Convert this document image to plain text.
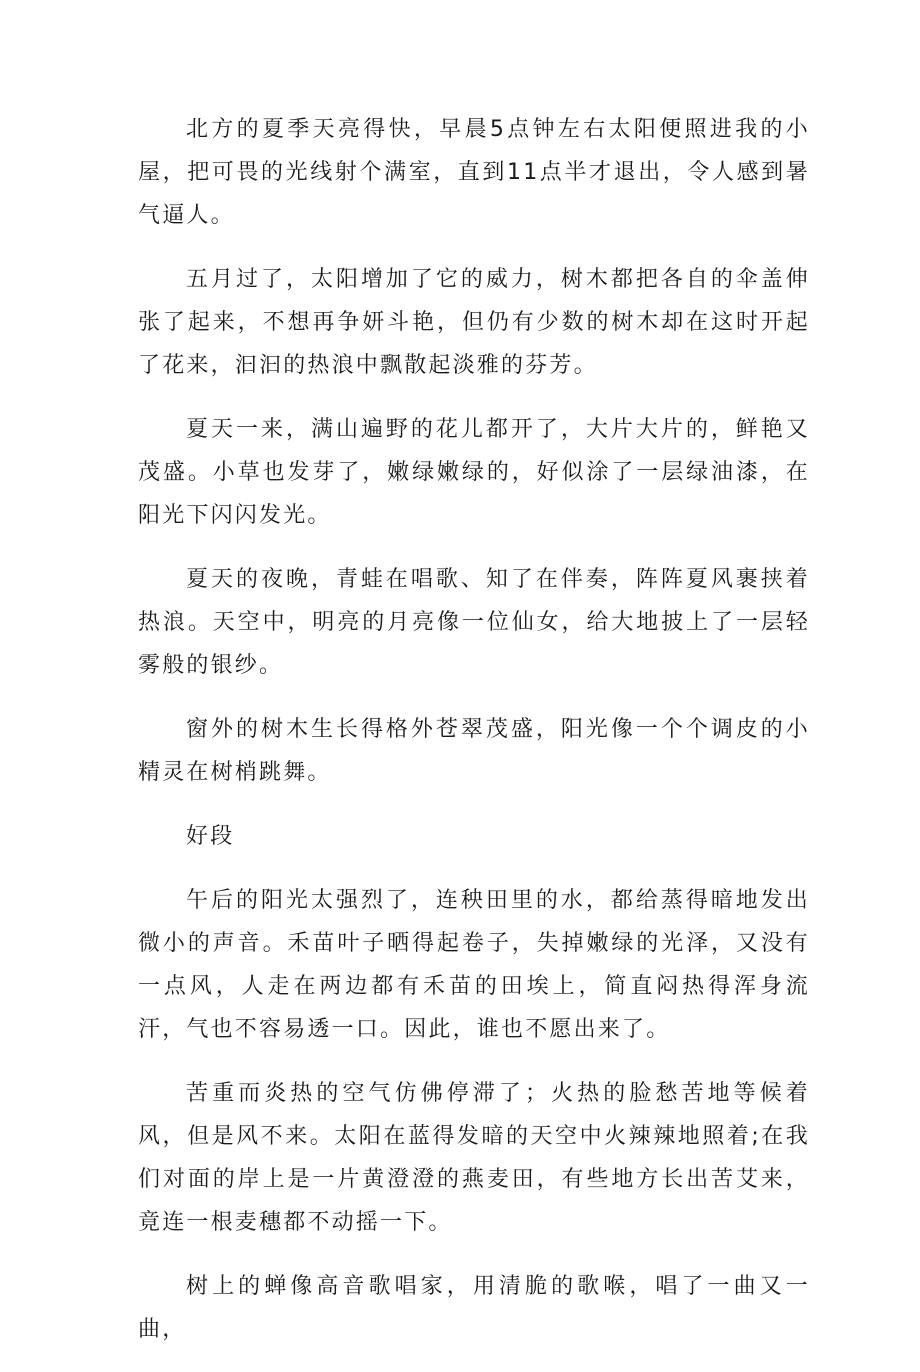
北方的夏季天亮得快，早晨5点钟左右太阳便照进我的小屋，把可畏的光线射个满室，直到11点半才退出，令人感到暑气逼人。

五月过了，太阳增加了它的威力，树木都把各自的伞盖伸张了起来，不想再争妍斗艳，但仍有少数的树木却在这时开起了花来，汩汩的热浪中飘散起淡雅的芬芳。

夏天一来，满山遍野的花儿都开了，大片大片的，鲜艳又茂盛。小草也发芽了，嫩绿嫩绿的，好似涂了一层绿油漆，在阳光下闪闪发光。

夏天的夜晚，青蛙在唱歌、知了在伴奏，阵阵夏风裹挟着热浪。天空中，明亮的月亮像一位仙女，给大地披上了一层轻雾般的银纱。

窗外的树木生长得格外苍翠茂盛，阳光像一个个调皮的小精灵在树梢跳舞。

好段

午后的阳光太强烈了，连秧田里的水，都给蒸得暗地发出微小的声音。禾苗叶子晒得起卷子，失掉嫩绿的光泽，又没有一点风，人走在两边都有禾苗的田埃上，简直闷热得浑身流汗，气也不容易透一口。因此，谁也不愿出来了。

苦重而炎热的空气仿佛停滞了；火热的脸愁苦地等候着风，但是风不来。太阳在蓝得发暗的天空中火辣辣地照着;在我们对面的岸上是一片黄澄澄的燕麦田，有些地方长出苦艾来，竟连一根麦穗都不动摇一下。

树上的蝉像高音歌唱家，用清脆的歌喉，唱了一曲又一曲，
